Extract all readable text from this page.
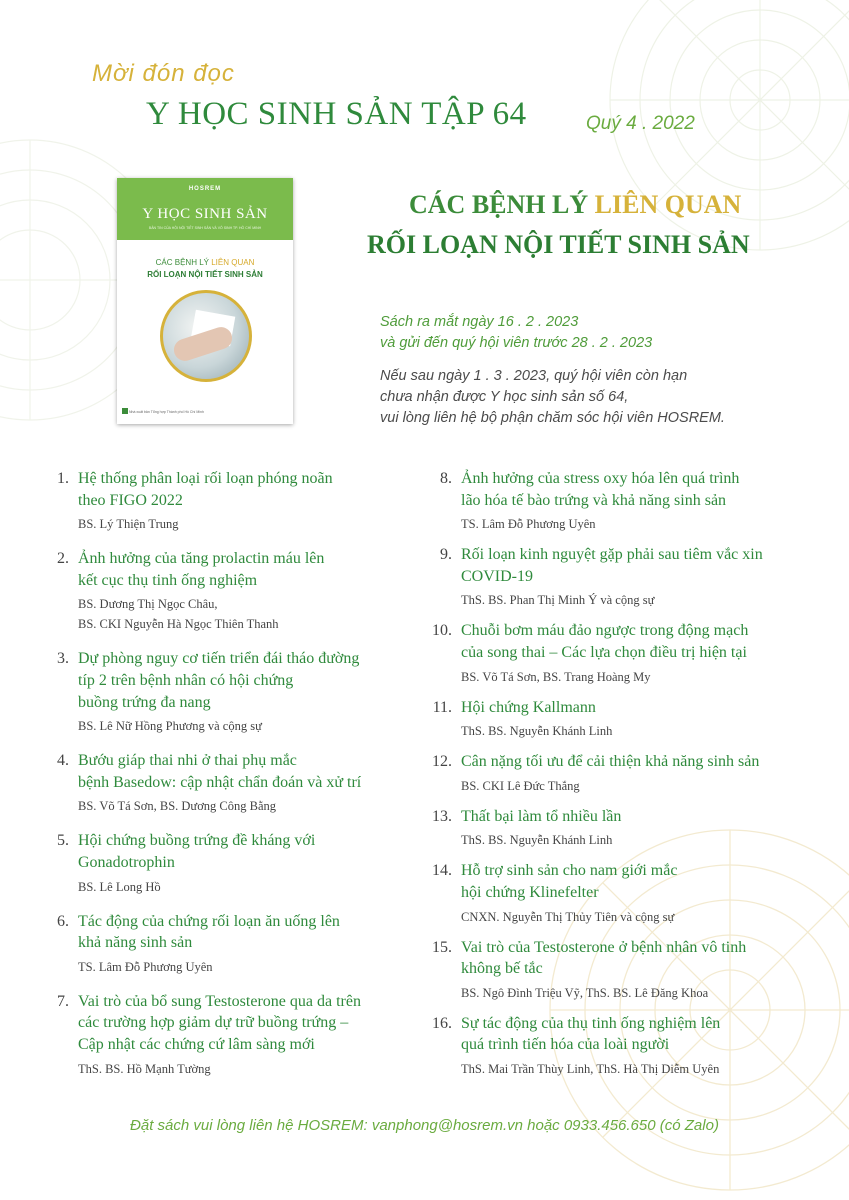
Mời đón đọc
Y HỌC SINH SẢN TẬP 64	Quý 4 . 2022
HOSREM
Y HỌC SINH SẢN
BẢN TIN CỦA HỘI NỘI TIẾT SINH SẢN VÀ VÔ SINH TP. HỒ CHÍ MINH
CÁC BỆNH LÝ LIÊN QUAN
RỐI LOẠN NỘI TIẾT SINH SẢN
Nhà xuất bản Tổng hợp Thành phố Hồ Chí Minh
CÁC BỆNH LÝ LIÊN QUAN
RỐI LOẠN NỘI TIẾT SINH SẢN
Sách ra mắt ngày 16 . 2 . 2023
và gửi đến quý hội viên trước 28 . 2 . 2023
Nếu sau ngày 1 . 3 . 2023, quý hội viên còn hạn
chưa nhận được Y học sinh sản số 64,
vui lòng liên hệ bộ phận chăm sóc hội viên HOSREM.
1. Hệ thống phân loại rối loạn phóng noãn
theo FIGO 2022
BS. Lý Thiện Trung
2. Ảnh hưởng của tăng prolactin máu lên
kết cục thụ tinh ống nghiệm
BS. Dương Thị Ngọc Châu,
BS. CKI Nguyễn Hà Ngọc Thiên Thanh
3. Dự phòng nguy cơ tiến triển đái tháo đường
típ 2 trên bệnh nhân có hội chứng
buồng trứng đa nang
BS. Lê Nữ Hồng Phương và cộng sự
4. Bướu giáp thai nhi ở thai phụ mắc
bệnh Basedow: cập nhật chẩn đoán và xử trí
BS. Võ Tá Sơn, BS. Dương Công Bằng
5. Hội chứng buồng trứng đề kháng với
Gonadotrophin
BS. Lê Long Hồ
6. Tác động của chứng rối loạn ăn uống lên
khả năng sinh sản
TS. Lâm Đỗ Phương Uyên
7. Vai trò của bổ sung Testosterone qua da trên
các trường hợp giảm dự trữ buồng trứng –
Cập nhật các chứng cứ lâm sàng mới
ThS. BS. Hồ Mạnh Tường
8. Ảnh hưởng của stress oxy hóa lên quá trình
lão hóa tế bào trứng và khả năng sinh sản
TS. Lâm Đỗ Phương Uyên
9. Rối loạn kinh nguyệt gặp phải sau tiêm vắc xin
COVID-19
ThS. BS. Phan Thị Minh Ý và cộng sự
10. Chuỗi bơm máu đảo ngược trong động mạch
của song thai – Các lựa chọn điều trị hiện tại
BS. Võ Tá Sơn, BS. Trang Hoàng My
11. Hội chứng Kallmann
ThS. BS. Nguyễn Khánh Linh
12. Cân nặng tối ưu để cải thiện khả năng sinh sản
BS. CKI Lê Đức Thắng
13. Thất bại làm tổ nhiều lần
ThS. BS. Nguyễn Khánh Linh
14. Hỗ trợ sinh sản cho nam giới mắc
hội chứng Klinefelter
CNXN. Nguyễn Thị Thủy Tiên và cộng sự
15. Vai trò của Testosterone ở bệnh nhân vô tinh
không bế tắc
BS. Ngô Đình Triệu Vỹ, ThS. BS. Lê Đăng Khoa
16. Sự tác động của thụ tinh ống nghiệm lên
quá trình tiến hóa của loài người
ThS. Mai Trần Thùy Linh, ThS. Hà Thị Diễm Uyên
Đặt sách vui lòng liên hệ HOSREM: vanphong@hosrem.vn hoặc 0933.456.650 (có Zalo)
